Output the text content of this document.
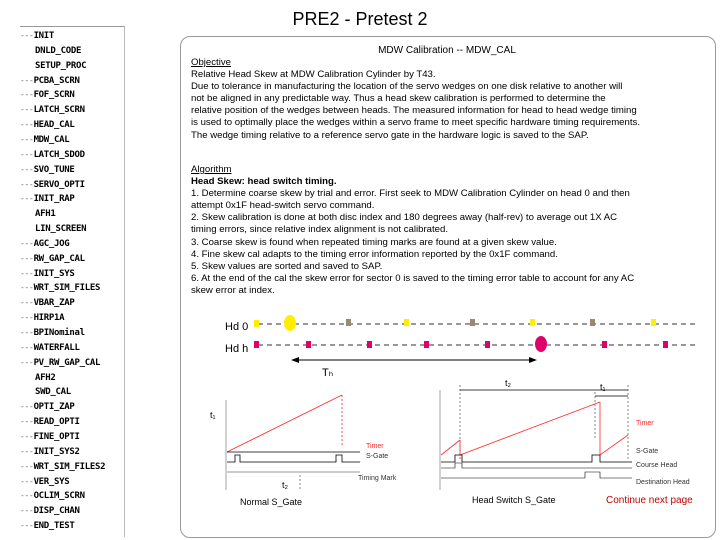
PRE2 - Pretest 2
--- INIT
DNLD_CODE
SETUP_PROC
--- PCBA_SCRN
--- FOF_SCRN
--- LATCH_SCRN
--- HEAD_CAL
--- MDW_CAL
--- LATCH_SDOD
--- SVO_TUNE
--- SERVO_OPTI
--- INIT_RAP
AFH1
LIN_SCREEN
--- AGC_JOG
--- RW_GAP_CAL
--- INIT_SYS
--- WRT_SIM_FILES
--- VBAR_ZAP
--- HIRP1A
--- BPINominal
--- WATERFALL
--- PV_RW_GAP_CAL
AFH2
SWD_CAL
--- OPTI_ZAP
--- READ_OPTI
--- FINE_OPTI
--- INIT_SYS2
--- WRT_SIM_FILES2
--- VER_SYS
--- OCLIM_SCRN
--- DISP_CHAN
--- END_TEST
MDW Calibration -- MDW_CAL
Objective
Relative Head Skew at MDW Calibration Cylinder by T43.
Due to tolerance in manufacturing the location of the servo wedges on one disk relative to another will
not be aligned in any predictable way. Thus a head skew calibration is performed to determine the
relative position of the wedges between heads. The measured information for head to head wedge timing
is used to optimally place the wedges within a servo frame to meet specific hardware timing requirements.
The wedge timing relative to a reference servo gate in the hardware logic is saved to the SAP.
Algorithm
Head Skew: head switch timing.
1. Determine coarse skew by trial and error. First seek to MDW Calibration Cylinder on head 0 and then
attempt 0x1F head-switch servo command.
2. Skew calibration is done at both disc index and 180 degrees away (half-rev) to average out 1X AC
timing errors, since relative index alignment is not calibrated.
3. Coarse skew is found when repeated timing marks are found at a given skew value.
4. Fine skew cal adapts to the timing error information reported by the 0x1F command.
5. Skew values are sorted and saved to SAP.
6. At the end of the cal the skew error for sector 0 is saved to the timing error table to account for any AC
skew error at index.
Hd 0
Hd h
Tₕ
t₂	t₁
t₁
t₂
Timer
S-Gate
Timing Mark
Timer
S-Gate
Course Head
Destination Head
Normal S_Gate	Head Switch S_Gate	Continue next page
